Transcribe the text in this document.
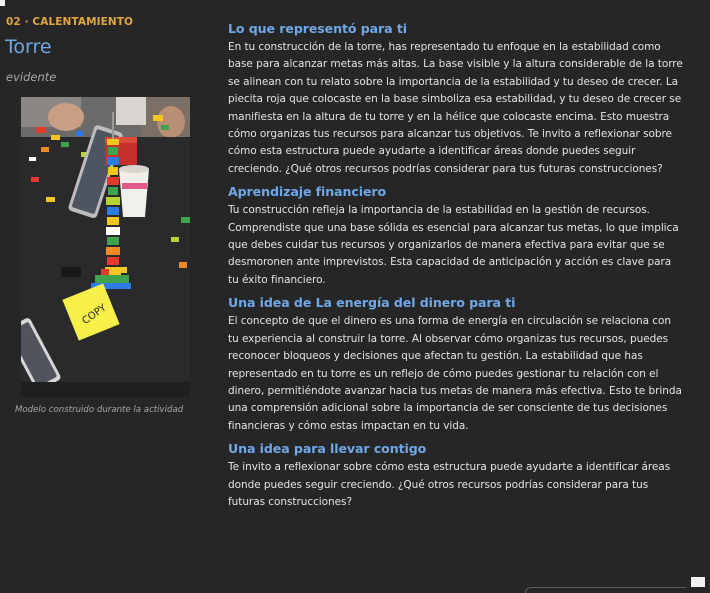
02 · CALENTAMIENTO
Torre
evidente
COPY
Modelo construido durante la actividad
Lo que representó para ti

En tu construcción de la torre, has representado tu enfoque en la estabilidad como base para alcanzar metas más altas. La base visible y la altura considerable de la torre se alinean con tu relato sobre la importancia de la estabilidad y tu deseo de crecer. La piecita roja que colocaste en la base simboliza esa estabilidad, y tu deseo de crecer se manifiesta en la altura de tu torre y en la hélice que colocaste encima. Esto muestra cómo organizas tus recursos para alcanzar tus objetivos. Te invito a reflexionar sobre cómo esta estructura puede ayudarte a identificar áreas donde puedes seguir creciendo. ¿Qué otros recursos podrías considerar para tus futuras construcciones?

Aprendizaje financiero

Tu construcción refleja la importancia de la estabilidad en la gestión de recursos. Comprendiste que una base sólida es esencial para alcanzar tus metas, lo que implica que debes cuidar tus recursos y organizarlos de manera efectiva para evitar que se desmoronen ante imprevistos. Esta capacidad de anticipación y acción es clave para tu éxito financiero.

Una idea de La energía del dinero para ti

El concepto de que el dinero es una forma de energía en circulación se relaciona con tu experiencia al construir la torre. Al observar cómo organizas tus recursos, puedes reconocer bloqueos y decisiones que afectan tu gestión. La estabilidad que has representado en tu torre es un reflejo de cómo puedes gestionar tu relación con el dinero, permitiéndote avanzar hacia tus metas de manera más efectiva. Esto te brinda una comprensión adicional sobre la importancia de ser consciente de tus decisiones financieras y cómo estas impactan en tu vida.

Una idea para llevar contigo

Te invito a reflexionar sobre cómo esta estructura puede ayudarte a identificar áreas donde puedes seguir creciendo. ¿Qué otros recursos podrías considerar para tus futuras construcciones?
